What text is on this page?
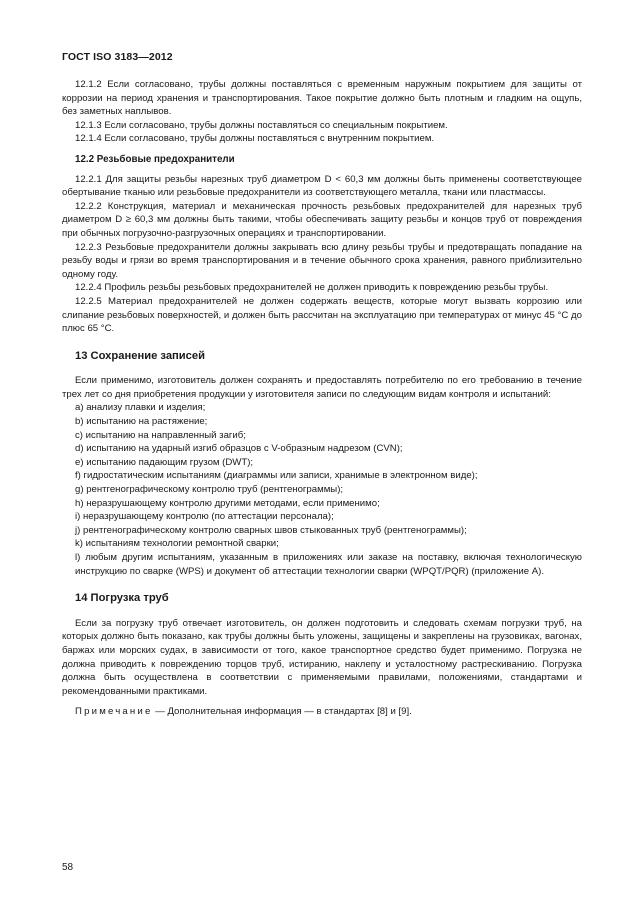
ГОСТ ISO 3183—2012

12.1.2 Если согласовано, трубы должны поставляться с временным наружным покрытием для защиты от коррозии на период хранения и транспортирования. Такое покрытие должно быть плотным и гладким на ощупь, без заметных наплывов.

12.1.3 Если согласовано, трубы должны поставляться со специальным покрытием.

12.1.4 Если согласовано, трубы должны поставляться с внутренним покрытием.

12.2 Резьбовые предохранители

12.2.1 Для защиты резьбы нарезных труб диаметром D < 60,3 мм должны быть применены соответствующее обертывание тканью или резьбовые предохранители из соответствующего металла, ткани или пластмассы.

12.2.2 Конструкция, материал и механическая прочность резьбовых предохранителей для нарезных труб диаметром D ≥ 60,3 мм должны быть такими, чтобы обеспечивать защиту резьбы и концов труб от повреждения при обычных погрузочно-разгрузочных операциях и транспортировании.

12.2.3 Резьбовые предохранители должны закрывать всю длину резьбы трубы и предотвращать попадание на резьбу воды и грязи во время транспортирования и в течение обычного срока хранения, равного приблизительно одному году.

12.2.4 Профиль резьбы резьбовых предохранителей не должен приводить к повреждению резьбы трубы.

12.2.5 Материал предохранителей не должен содержать веществ, которые могут вызвать коррозию или слипание резьбовых поверхностей, и должен быть рассчитан на эксплуатацию при температурах от минус 45 °С до плюс 65 °С.

13 Сохранение записей

Если применимо, изготовитель должен сохранять и предоставлять потребителю по его требованию в течение трех лет со дня приобретения продукции у изготовителя записи по следующим видам контроля и испытаний:

a) анализу плавки и изделия;

b) испытанию на растяжение;

c) испытанию на направленный загиб;

d) испытанию на ударный изгиб образцов с V-образным надрезом (CVN);

e) испытанию падающим грузом (DWT);

f) гидростатическим испытаниям (диаграммы или записи, хранимые в электронном виде);

g) рентгенографическому контролю труб (рентгенограммы);

h) неразрушающему контролю другими методами, если применимо;

i) неразрушающему контролю (по аттестации персонала);

j) рентгенографическому контролю сварных швов стыкованных труб (рентгенограммы);

k) испытаниям технологии ремонтной сварки;

l) любым другим испытаниям, указанным в приложениях или заказе на поставку, включая технологическую инструкцию по сварке (WPS) и документ об аттестации технологии сварки (WPQT/PQR) (приложение А).

14 Погрузка труб

Если за погрузку труб отвечает изготовитель, он должен подготовить и следовать схемам погрузки труб, на которых должно быть показано, как трубы должны быть уложены, защищены и закреплены на грузовиках, вагонах, баржах или морских судах, в зависимости от того, какое транспортное средство будет применимо. Погрузка не должна приводить к повреждению торцов труб, истиранию, наклепу и усталостному растрескиванию. Погрузка должна быть осуществлена в соответствии с применяемыми правилами, положениями, стандартами и рекомендованными практиками.

Примечание — Дополнительная информация — в стандартах [8] и [9].

58
